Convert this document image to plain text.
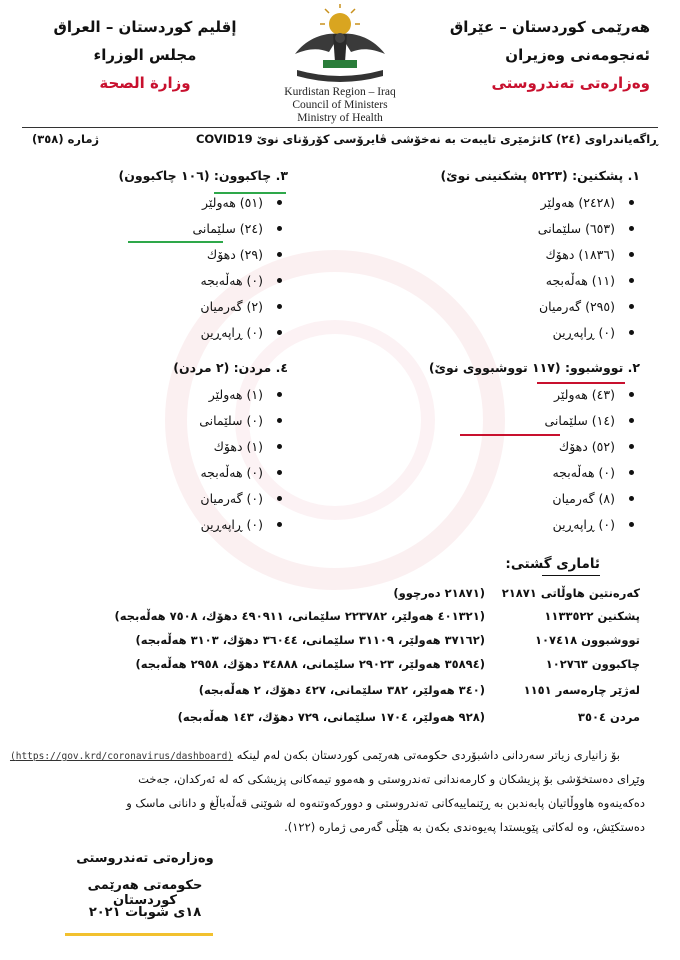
هەرێمی کوردستان – عێراق
ئەنجومەنی وەزیران
وەزارەتی تەندروستی
Kurdistan Region – Iraq
Council of Ministers
Ministry of Health
إقليم كوردستان – العراق
مجلس الوزراء
وزارة الصحة
ڕاگەیاندراوی (٢٤) کاتژمێری تایبەت بە نەخۆشی ڤایرۆسی کۆرۆنای نوێ COVID19
ژمارە (٣٥٨)
١. پشکنین: (٥٢٢٣ پشکنینی نوێ)
(٢٤٢٨) هەولێر
(٦٥٣) سلێمانی
(١٨٣٦) دهۆك
(١١) هەڵەبجە
(٢٩٥) گەرمیان
(٠) ڕاپەڕین
٣. چاکبوون: (١٠٦ چاکبوون)
(٥١) هەولێر
(٢٤) سلێمانی
(٢٩) دهۆك
(٠) هەڵەبجە
(٢) گەرمیان
(٠) ڕاپەڕین
٢. تووشبوو: (١١٧ تووشبووی نوێ)
(٤٣) هەولێر
(١٤) سلێمانی
(٥٢) دهۆك
(٠) هەڵەبجە
(٨) گەرمیان
(٠) ڕاپەڕین
٤. مردن: (٢ مردن)
(١) هەولێر
(٠) سلێمانی
(١) دهۆك
(٠) هەڵەبجە
(٠) گەرمیان
(٠) ڕاپەڕین
ئاماری گشتی:
کەرەنتین هاوڵاتی ٢١٨٧١
(٢١٨٧١ دەرچوو)
پشکنین ١١٣٣٥٢٢
(٤٠١٣٢١ هەولێر، ٢٢٣٧٨٢ سلێمانی، ٤٩٠٩١١ دهۆك، ٧٥٠٨ هەڵەبجە)
تووشبوون ١٠٧٤١٨
(٣٧١٦٢ هەولێر، ٣١١٠٩ سلێمانی، ٣٦٠٤٤ دهۆك، ٣١٠٣ هەڵەبجە)
چاکبوون ١٠٢٧٦٣
(٣٥٨٩٤ هەولێر، ٢٩٠٢٣ سلێمانی، ٣٤٨٨٨ دهۆك، ٢٩٥٨ هەڵەبجە)
لەژێر چارەسەر ١١٥١
(٣٤٠ هەولێر، ٣٨٢ سلێمانی، ٤٢٧ دهۆك، ٢ هەڵەبجە)
مردن ٣٥٠٤
(٩٢٨ هەولێر، ١٧٠٤ سلێمانی، ٧٢٩ دهۆك، ١٤٣ هەڵەبجە)
بۆ زانیاری زیاتر سەردانی داشبۆردی حکومەتی هەرێمی کوردستان بکەن لەم لینکە (https://gov.krd/coronavirus/dashboard)
وێڕای دەستخۆشی بۆ پزیشکان و کارمەندانی تەندروستی و هەموو تیمەکانی پزیشکی کە لە ئەرکدان، جەخت
دەکەینەوە هاووڵاتیان پابەندبن بە ڕێنماییەکانی تەندروستی و دوورکەوتنەوە لە شوێنی قەڵەباڵغ و دانانی ماسک و
دەستکێش، وە لەکاتی پێویستدا پەیوەندی بکەن بە هێڵی گەرمی ژمارە (١٢٢).
وەزارەتی تەندروستی
حکومەتی هەرێمی کوردستان
١٨ی شوبات ٢٠٢١
